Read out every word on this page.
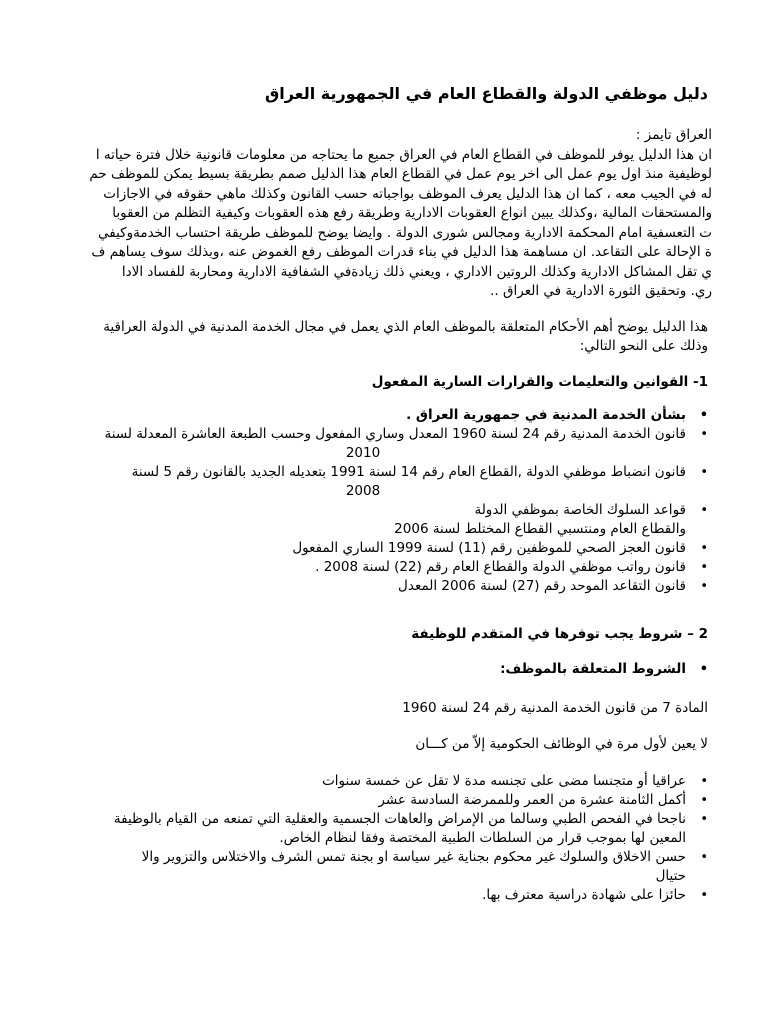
دليل موظفي الدولة والقطاع العام في الجمهورية العراق
العراق تايمز :
ان هذا الدليل يوفر للموظف في القطاع العام في العراق جميع ما يحتاجه من معلومات قانونية خلال فترة حياته ا
لوظيفية منذ اول يوم عمل الى اخر يوم عمل في القطاع العام هذا الدليل صمم بطريقة بسيط يمكن للموظف حم
له في الجيب معه ، كما ان هذا الدليل يعرف الموظف بواجباته حسب القانون وكذلك ماهي حقوقه في الاجازات
والمستحقات المالية ،وكذلك يبين انواع العقوبات الادارية وطريقة رفع هذه العقوبات وكيفية التظلم من العقوبا
ت التعسفية امام المحكمة الادارية ومجالس شورى الدولة . وايضا يوضح للموظف طريقة احتساب الخدمةوكيفي
ة الإحالة على التقاعد. ان مساهمة هذا الدليل في بناء قدرات الموظف رفع الغموض عنه ،وبذلك سوف يساهم ف
ي تقل المشاكل الادارية وكذلك الروتين الاداري ، ويعني ذلك زيادةفي الشفافية الادارية ومحاربة للفساد الادا
ري. وتحقيق الثورة الادارية في العراق ..
هذا الدليل يوضح أهم الأحكام المتعلقة بالموظف العام الذي يعمل في مجال الخدمة المدنية في الدولة العراقية
وذلك على النحو التالي:
1- القوانين والتعليمات والقرارات السارية المفعول
• بشأن الخدمة المدنية في جمهورية العراق .
• قانون الخدمة المدنية رقم 24 لسنة 1960 المعدل وساري المفعول وحسب الطبعة العاشرة المعدلة لسنة
2010
• قانون انضباط موظفي الدولة ,القطاع العام رقم 14 لسنة 1991 بتعديله الجديد بالقانون رقم 5 لسنة
2008
• قواعد السلوك الخاصة بموظفي الدولة
والقطاع العام ومنتسبي القطاع المختلط لسنة 2006
• قانون العجز الصحي للموظفين رقم (11) لسنة 1999 الساري المفعول
• قانون رواتب موظفي الدولة والقطاع العام رقم (22) لسنة 2008 .
• قانون التقاعد الموحد رقم (27) لسنة 2006 المعدل
2 – شروط يجب توفرها في المتقدم للوظيفة
• الشروط المتعلقة بالموظف:
المادة 7 من قانون الخدمة المدنية رقم 24 لسنة 1960
لا يعين لأول مرة في الوظائف الحكومية إلاّ من كـــان
• عراقيا أو متجنسا مضى على تجنسه مدة لا تقل عن خمسة سنوات
• أكمل الثامنة عشرة من العمر وللممرضة السادسة عشر
• ناجحا في الفحص الطبي وسالما من الإمراض والعاهات الجسمية والعقلية التي تمنعه من القيام بالوظيفة
المعين لها بموجب قرار من السلطات الطبية المختصة وفقا لنظام الخاص.
• حسن الاخلاق والسلوك غير محكوم بجناية غير سياسة او بجنة تمس الشرف والاختلاس والتزوير والا
حتيال
• حائزا على شهادة دراسية معترف بها.
